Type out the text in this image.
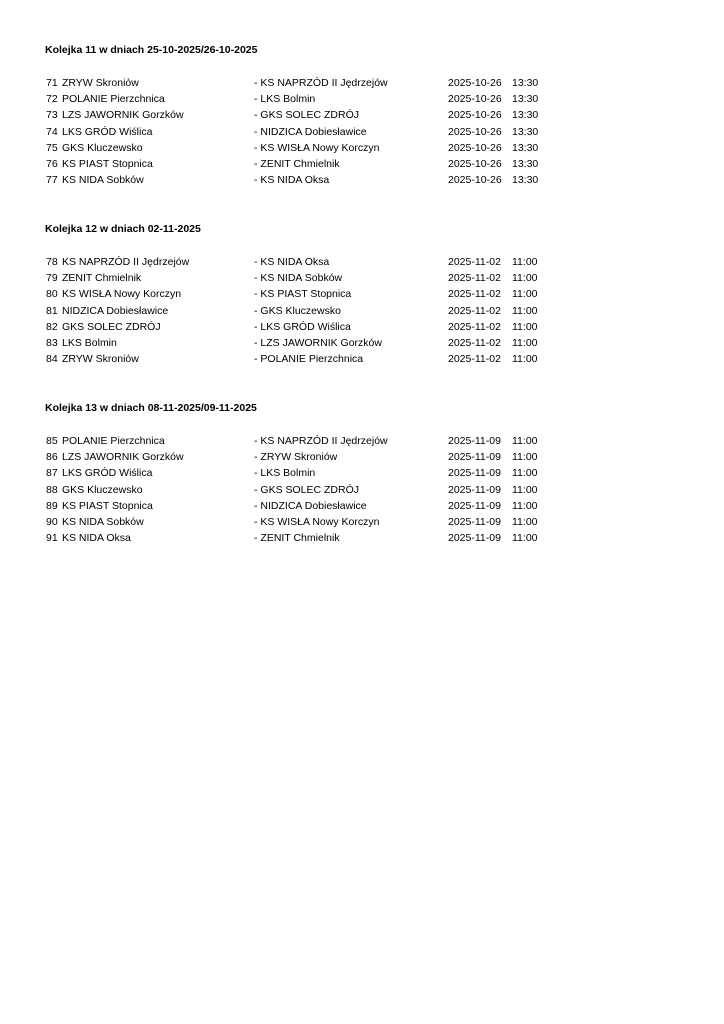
Kolejka 11 w dniach 25-10-2025/26-10-2025
71 ZRYW Skroniów	- KS NAPRZÓD II Jędrzejów	2025-10-26 13:30
72 POLANIE Pierzchnica	- LKS Bolmin	2025-10-26 13:30
73 LZS JAWORNIK Gorzków	- GKS SOLEC ZDRÓJ	2025-10-26 13:30
74 LKS GRÓD Wiślica	- NIDZICA Dobiesławice	2025-10-26 13:30
75 GKS Kluczewsko	- KS WISŁA Nowy Korczyn	2025-10-26 13:30
76 KS PIAST Stopnica	- ZENIT Chmielnik	2025-10-26 13:30
77 KS NIDA Sobków	- KS NIDA Oksa	2025-10-26 13:30
Kolejka 12 w dniach 02-11-2025
78 KS NAPRZÓD II Jędrzejów	- KS NIDA Oksa	2025-11-02 11:00
79 ZENIT Chmielnik	- KS NIDA Sobków	2025-11-02 11:00
80 KS WISŁA Nowy Korczyn	- KS PIAST Stopnica	2025-11-02 11:00
81 NIDZICA Dobiesławice	- GKS Kluczewsko	2025-11-02 11:00
82 GKS SOLEC ZDRÓJ	- LKS GRÓD Wiślica	2025-11-02 11:00
83 LKS Bolmin	- LZS JAWORNIK Gorzków	2025-11-02 11:00
84 ZRYW Skroniów	- POLANIE Pierzchnica	2025-11-02 11:00
Kolejka 13 w dniach 08-11-2025/09-11-2025
85 POLANIE Pierzchnica	- KS NAPRZÓD II Jędrzejów	2025-11-09 11:00
86 LZS JAWORNIK Gorzków	- ZRYW Skroniów	2025-11-09 11:00
87 LKS GRÓD Wiślica	- LKS Bolmin	2025-11-09 11:00
88 GKS Kluczewsko	- GKS SOLEC ZDRÓJ	2025-11-09 11:00
89 KS PIAST Stopnica	- NIDZICA Dobiesławice	2025-11-09 11:00
90 KS NIDA Sobków	- KS WISŁA Nowy Korczyn	2025-11-09 11:00
91 KS NIDA Oksa	- ZENIT Chmielnik	2025-11-09 11:00
